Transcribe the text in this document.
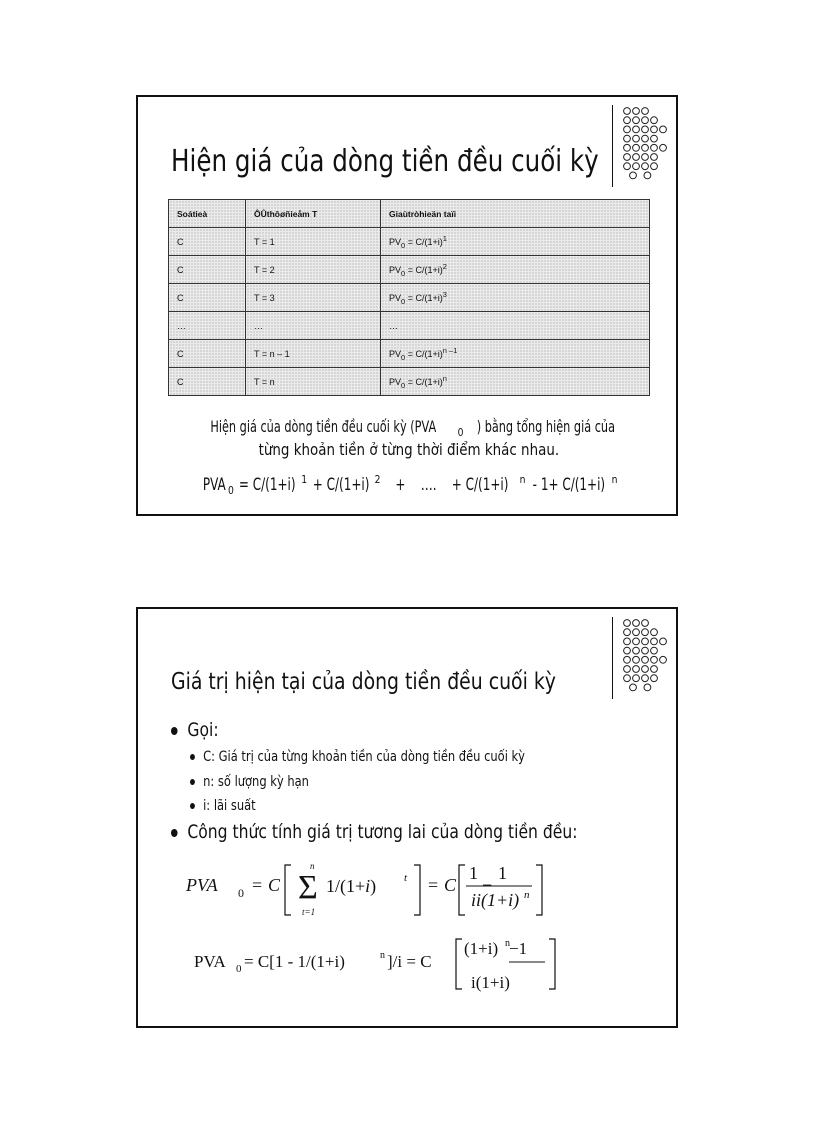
Hiện giá của dòng tiền đều cuối kỳ
Soátieà	ÔÛthôøñieåm T	Giaùtròhieän taïi
C	T = 1	$PV_0 = C/(1+i)^1$
C	T = 2	$PV_0 = C/(1+i)^2$
C	T = 3	$PV_0 = C/(1+i)^3$
…	…	…
C	T = n – 1	$PV_0 = C/(1+i)^{n -1}$
C	T = n	$PV_0 = C/(1+i)^n$
Hiện giá của dòng tiền đều cuối kỳ (PVA $_0$ ) bằng tổng hiện giá của
từng khoản tiền ở từng thời điểm khác nhau.
PVA $_0$= C/(1+i) $^1$+ C/(1+i) $^2$ +    ….    + C/(1+i) $^n$- 1+ C/(1+i) $^n$
Giá trị hiện tại của dòng tiền đều cuối kỳ
Gọi:
C: Giá trị của từng khoản tiền của dòng tiền đều cuối kỳ
n: số lượng kỳ hạn
i: lãi suất
Công thức tính giá trị tương lai của dòng tiền đều:
PVA 0 = C Σ
n
t=1
1/(1+i)	t = C
1
i
−
1
i(1+i) n
PVA 0 = C[1 - 1/(1+i)	n ]/i = C
(1+i) n −1
i(1+i)
